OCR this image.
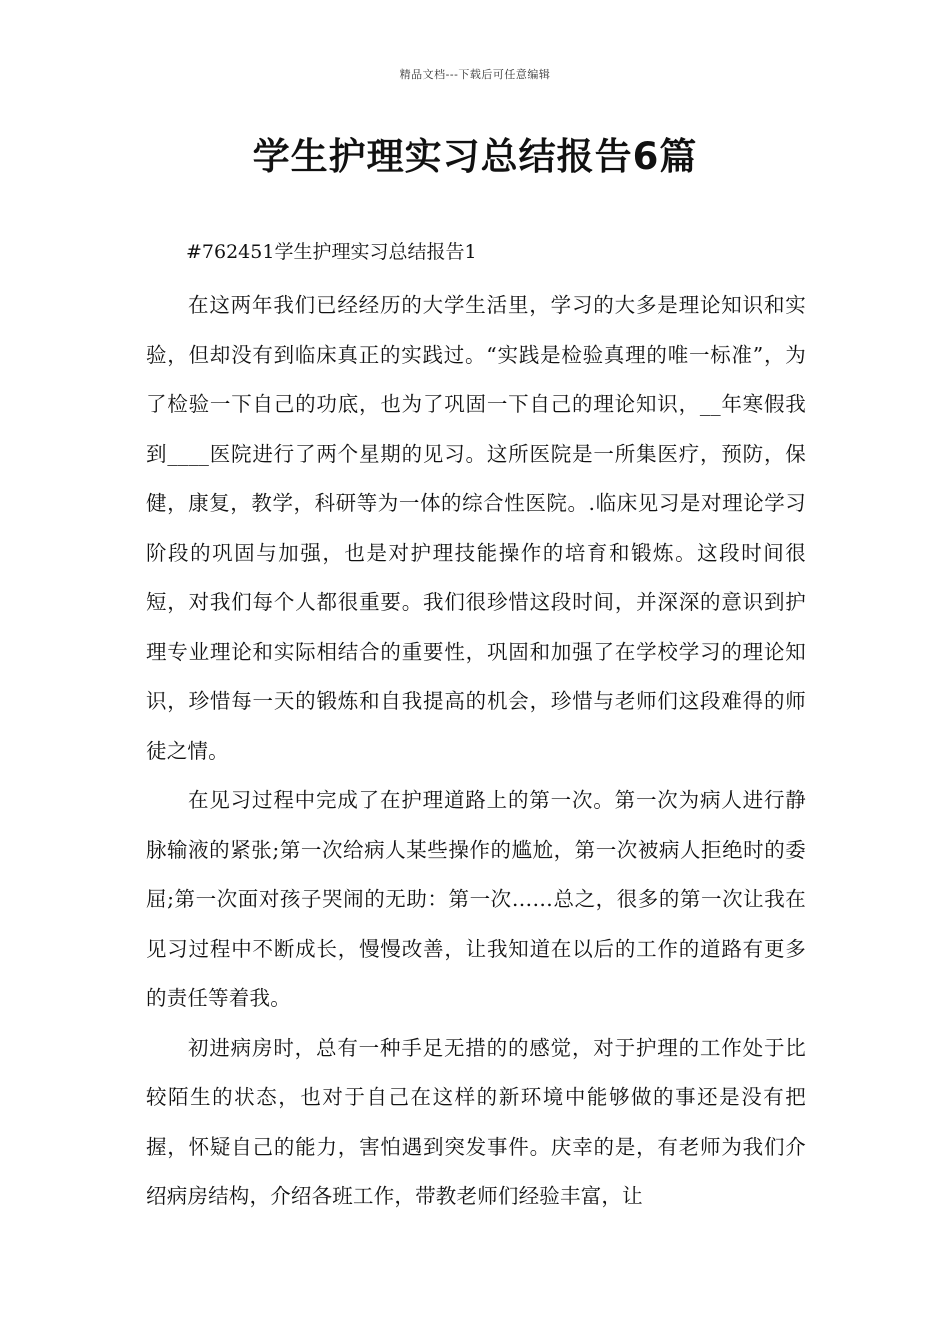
精品文档---下载后可任意编辑
学生护理实习总结报告6篇

#762451学生护理实习总结报告1

在这两年我们已经经历的大学生活里，学习的大多是理论知识和实验，但却没有到临床真正的实践过。“实践是检验真理的唯一标准”，为了检验一下自己的功底，也为了巩固一下自己的理论知识，__年寒假我到____医院进行了两个星期的见习。这所医院是一所集医疗，预防，保健，康复，教学，科研等为一体的综合性医院。.临床见习是对理论学习阶段的巩固与加强，也是对护理技能操作的培育和锻炼。这段时间很短，对我们每个人都很重要。我们很珍惜这段时间，并深深的意识到护理专业理论和实际相结合的重要性，巩固和加强了在学校学习的理论知识，珍惜每一天的锻炼和自我提高的机会，珍惜与老师们这段难得的师徒之情。

在见习过程中完成了在护理道路上的第一次。第一次为病人进行静脉输液的紧张;第一次给病人某些操作的尴尬，第一次被病人拒绝时的委屈;第一次面对孩子哭闹的无助：第一次……总之，很多的第一次让我在见习过程中不断成长，慢慢改善，让我知道在以后的工作的道路有更多的责任等着我。

初进病房时，总有一种手足无措的的感觉，对于护理的工作处于比较陌生的状态，也对于自己在这样的新环境中能够做的事还是没有把握，怀疑自己的能力，害怕遇到突发事件。庆幸的是，有老师为我们介绍病房结构，介绍各班工作，带教老师们经验丰富，让
